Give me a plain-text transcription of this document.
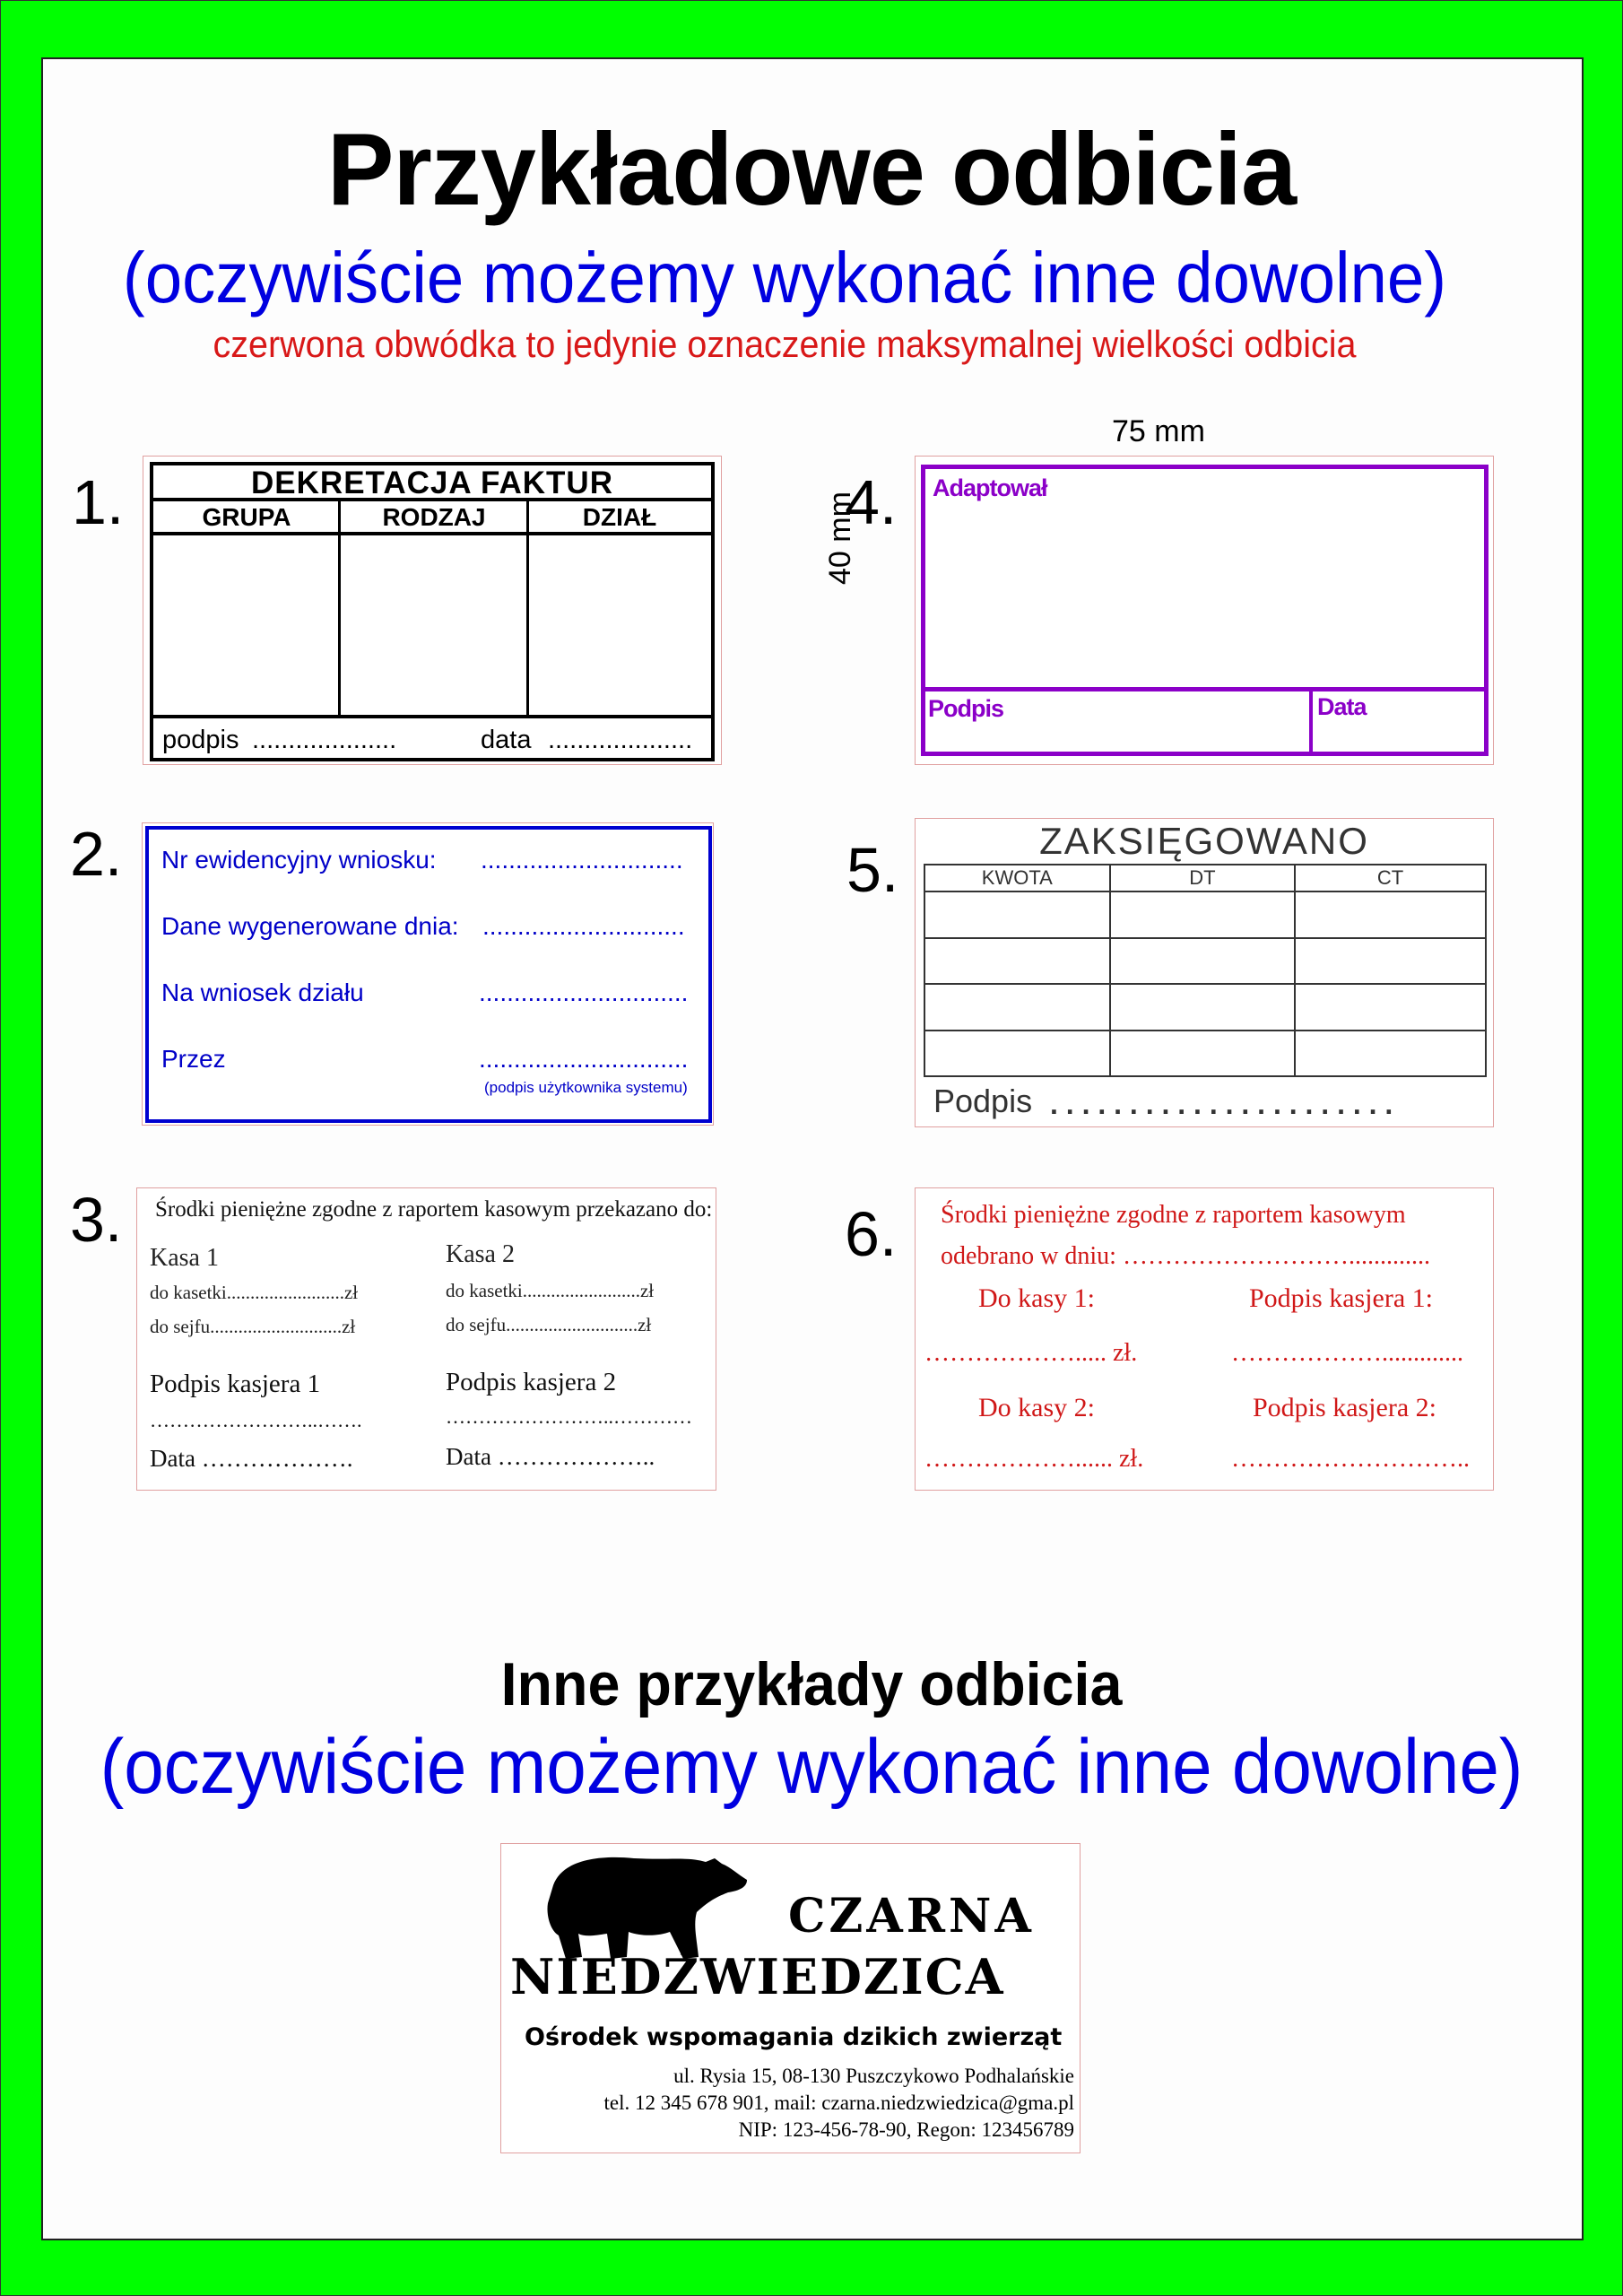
Przykładowe odbicia
(oczywiście możemy wykonać inne dowolne)
czerwona obwódka to jedynie oznaczenie maksymalnej wielkości odbicia
1.	DEKRETACJA FAKTUR
GRUPA	RODZAJ	DZIAŁ
podpis ....................	data ....................
2. Nr ewidencyjny wniosku: .............................
Dane wygenerowane dnia: .............................
Na wniosek działu	..............................
Przez	..............................
(podpis użytkownika systemu)
3. Środki pieniężne zgodne z raportem kasowym przekazano do:
Kasa 1
do kasetki.........................zł
do sejfu............................zł
Podpis kasjera 1
……………………..…….
Data ……………….
Kasa 2
do kasetki.........................zł
do sejfu............................zł
Podpis kasjera 2
……………………..…………
Data ………………..
75 mm
40 mm
4. Adaptował
Podpis	Data
5.	ZAKSIĘGOWANO
KWOTA	DT	CT

Podpis . . . . . . . . . . . . . . . . . . . . . .
6. Środki pieniężne zgodne z raportem kasowym
odebrano w dniu: ……………………….............
Do kasy 1:	Podpis kasjera 1:
………………..... zł.	……………….............
Do kasy 2:	Podpis kasjera 2:
………………...... zł.	………………………..
Inne przykłady odbicia
(oczywiście możemy wykonać inne dowolne)
CZARNA
NIEDŹWIEDZICA
Ośrodek wspomagania dzikich zwierząt
ul. Rysia 15, 08-130 Puszczykowo Podhalańskie
tel. 12 345 678 901, mail: czarna.niedzwiedzica@gma.pl
NIP: 123-456-78-90, Regon: 123456789
